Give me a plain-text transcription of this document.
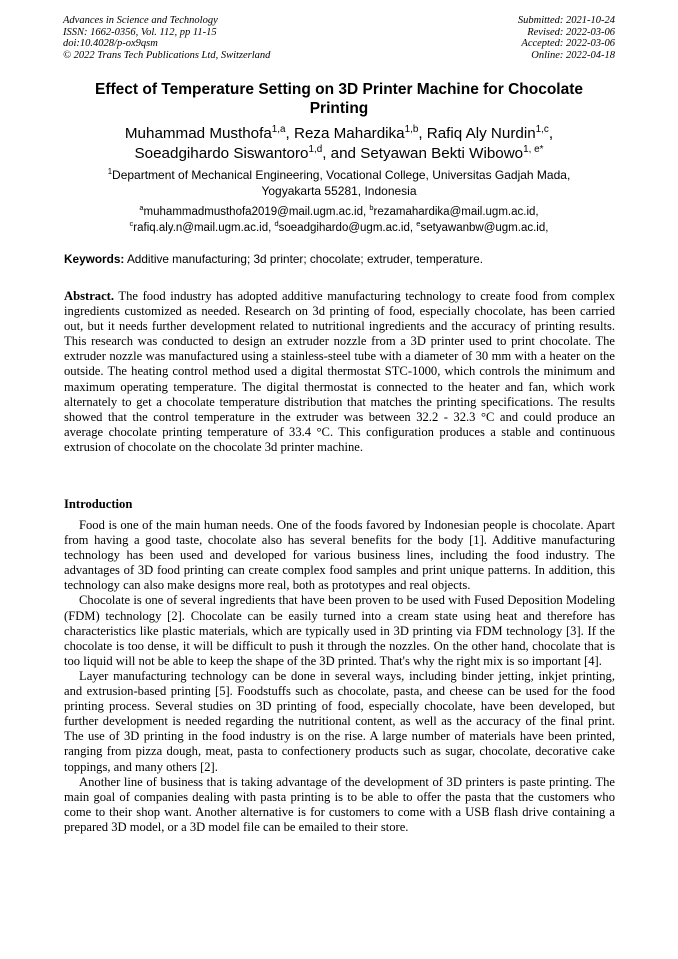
Advances in Science and Technology
ISSN: 1662-0356, Vol. 112, pp 11-15
doi:10.4028/p-ox9qsm
© 2022 Trans Tech Publications Ltd, Switzerland
Submitted: 2021-10-24
Revised: 2022-03-06
Accepted: 2022-03-06
Online: 2022-04-18
Effect of Temperature Setting on 3D Printer Machine for Chocolate Printing
Muhammad Musthofa$^{1,a}$, Reza Mahardika$^{1,b}$, Rafiq Aly Nurdin$^{1,c}$,
Soeadgihardo Siswantoro$^{1,d}$, and Setyawan Bekti Wibowo$^{1, e*}$
$^1$Department of Mechanical Engineering, Vocational College, Universitas Gadjah Mada,
Yogyakarta 55281, Indonesia
$^a$muhammadmusthofa2019@mail.ugm.ac.id, $^b$rezamahardika@mail.ugm.ac.id,
$^c$rafiq.aly.n@mail.ugm.ac.id, $^d$soeadgihardo@ugm.ac.id, $^e$setyawanbw@ugm.ac.id,
Keywords: Additive manufacturing; 3d printer; chocolate; extruder, temperature.
Abstract. The food industry has adopted additive manufacturing technology to create food from complex ingredients customized as needed. Research on 3d printing of food, especially chocolate, has been carried out, but it needs further development related to nutritional ingredients and the accuracy of printing results. This research was conducted to design an extruder nozzle from a 3D printer used to print chocolate. The extruder nozzle was manufactured using a stainless-steel tube with a diameter of 30 mm with a heater on the outside. The heating control method used a digital thermostat STC-1000, which controls the minimum and maximum operating temperature. The digital thermostat is connected to the heater and fan, which work alternately to get a chocolate temperature distribution that matches the printing specifications. The results showed that the control temperature in the extruder was between 32.2 - 32.3 °C and could produce an average chocolate printing temperature of 33.4 °C. This configuration produces a stable and continuous extrusion of chocolate on the chocolate 3d printer machine.
Introduction

Food is one of the main human needs. One of the foods favored by Indonesian people is chocolate. Apart from having a good taste, chocolate also has several benefits for the body [1]. Additive manufacturing technology has been used and developed for various business lines, including the food industry. The advantages of 3D food printing can create complex food samples and print unique patterns. In addition, this technology can also make designs more real, both as prototypes and real objects.

Chocolate is one of several ingredients that have been proven to be used with Fused Deposition Modeling (FDM) technology [2]. Chocolate can be easily turned into a cream state using heat and therefore has characteristics like plastic materials, which are typically used in 3D printing via FDM technology [3]. If the chocolate is too dense, it will be difficult to push it through the nozzles. On the other hand, chocolate that is too liquid will not be able to keep the shape of the 3D printed. That's why the right mix is so important [4].

Layer manufacturing technology can be done in several ways, including binder jetting, inkjet printing, and extrusion-based printing [5]. Foodstuffs such as chocolate, pasta, and cheese can be used for the food printing process. Several studies on 3D printing of food, especially chocolate, have been developed, but further development is needed regarding the nutritional content, as well as the accuracy of the final print. The use of 3D printing in the food industry is on the rise. A large number of materials have been printed, ranging from pizza dough, meat, pasta to confectionery products such as sugar, chocolate, decorative cake toppings, and many others [2].

Another line of business that is taking advantage of the development of 3D printers is paste printing. The main goal of companies dealing with pasta printing is to be able to offer the pasta that the customers who come to their shop want. Another alternative is for customers to come with a USB flash drive containing a prepared 3D model, or a 3D model file can be emailed to their store.
